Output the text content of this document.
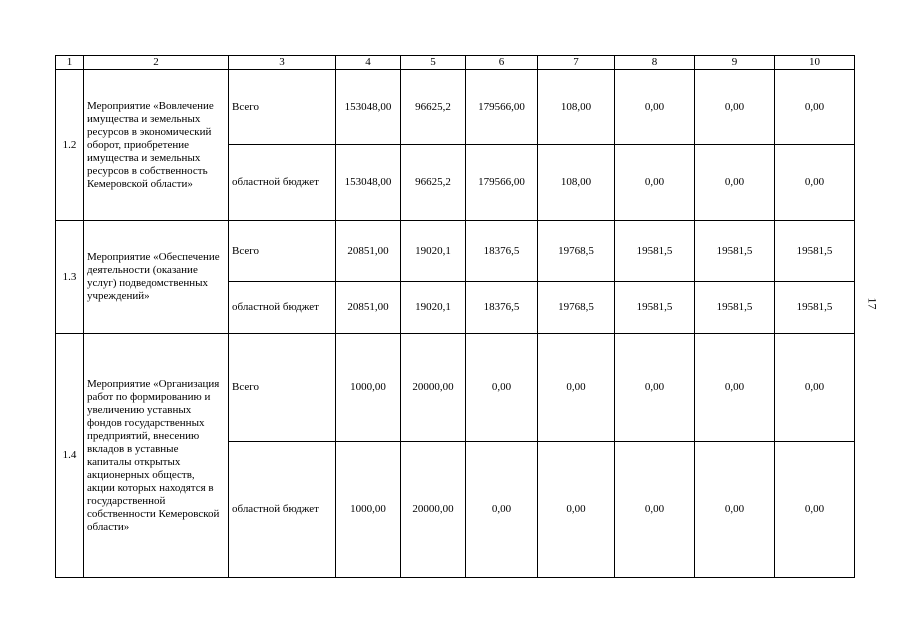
1	2	3	4	5	6	7	8	9	10
1.2	Мероприятие «Вовлечение имущества и земельных ресурсов в экономический оборот, приобретение имущества и земельных ресурсов в собственность Кемеровской области»	Всего	153048,00	96625,2	179566,00	108,00	0,00	0,00	0,00
		областной бюджет	153048,00	96625,2	179566,00	108,00	0,00	0,00	0,00
1.3	Мероприятие «Обеспечение деятельности (оказание услуг) подведомственных учреждений»	Всего	20851,00	19020,1	18376,5	19768,5	19581,5	19581,5	19581,5
		областной бюджет	20851,00	19020,1	18376,5	19768,5	19581,5	19581,5	19581,5
1.4	Мероприятие «Организация работ по формированию и увеличению уставных фондов государственных предприятий, внесению вкладов в уставные капиталы открытых акционерных обществ, акции которых находятся в государственной собственности Кемеровской области»	Всего	1000,00	20000,00	0,00	0,00	0,00	0,00	0,00
		областной бюджет	1000,00	20000,00	0,00	0,00	0,00	0,00	0,00
17
